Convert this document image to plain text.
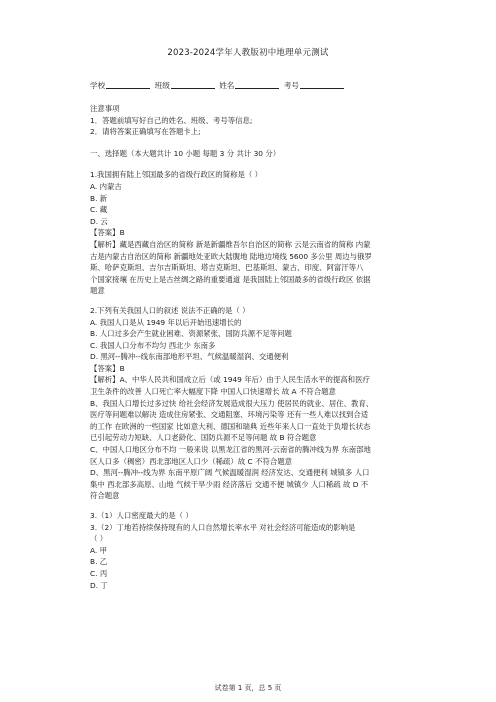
2023-2024学年人教版初中地理单元测试
学校	班级	姓名	考号

注意事项

1．答题前填写好自己的姓名、班级、考号等信息;

2．请将答案正确填写在答题卡上;

一、选择题（本大题共计 10 小题 每题 3 分 共计 30 分）

1.我国拥有陆上邻国最多的省级行政区的简称是（ ）

A. 内蒙古

B. 新

C. 藏

D. 云

【答案】B

【解析】藏是西藏自治区的简称 新是新疆维吾尔自治区的简称 云是云南省的简称 内蒙

古是内蒙古自治区的简称 新疆地处亚欧大陆腹地 陆地边境线 5600 多公里 周边与俄罗

斯、哈萨克斯坦、吉尔吉斯斯坦、塔吉克斯坦、巴基斯坦、蒙古、印度、阿富汗等八

个国家接壤 在历史上是古丝绸之路的重要通道 是我国陆上邻国最多的省级行政区 依据

题意

2.下列有关我国人口的叙述 说法不正确的是（ ）

A. 我国人口是从 1949 年以后开始迅速增长的

B. 人口过多会产生就业困难、资源紧张、国防兵源不足等问题

C. 我国人口分布不均匀 西北少 东南多

D. 黑河--腾冲--线东南部地形平坦、气候温暖湿润、交通便利

【答案】B

【解析】A、中华人民共和国成立后（或 1949 年后）由于人民生活水平的提高和医疗

卫生条件的改善 人口死亡率大幅度下降 中国人口快速增长 故 A 不符合题意

B、我国人口增长过多过快 给社会经济发展造成很大压力 使居民的就业、居住、教育、

医疗等问题难以解决 造成住房紧张、交通阻塞、环境污染等 还有一些人难以找到合适

的工作 在欧洲的一些国家 比如意大利、德国和瑞典 近些年来人口一直处于负增长状态

已引起劳动力短缺、人口老龄化、国防兵源不足等问题 故 B 符合题意

C、中国人口地区分布不均 一般来说 以黑龙江省的黑河-云南省的腾冲线为界 东南部地

区人口多（稠密）西北部地区人口少（稀疏）故 C 不符合题意

D、黑河--腾冲--线为界 东南平原广阔 气候温暖湿润 经济发达、交通便利 城镇多 人口

集中 西北部多高原、山地 气候干旱少雨 经济落后 交通不便 城镇少 人口稀疏 故 D 不

符合题意

3.（1）人口密度最大的是（ ）

3.（2）丁地若持续保持现有的人口自然增长率水平 对社会经济可能造成的影响是

（ ）

A. 甲

B. 乙

C. 丙

D. 丁

试卷第 1 页，总 5 页
